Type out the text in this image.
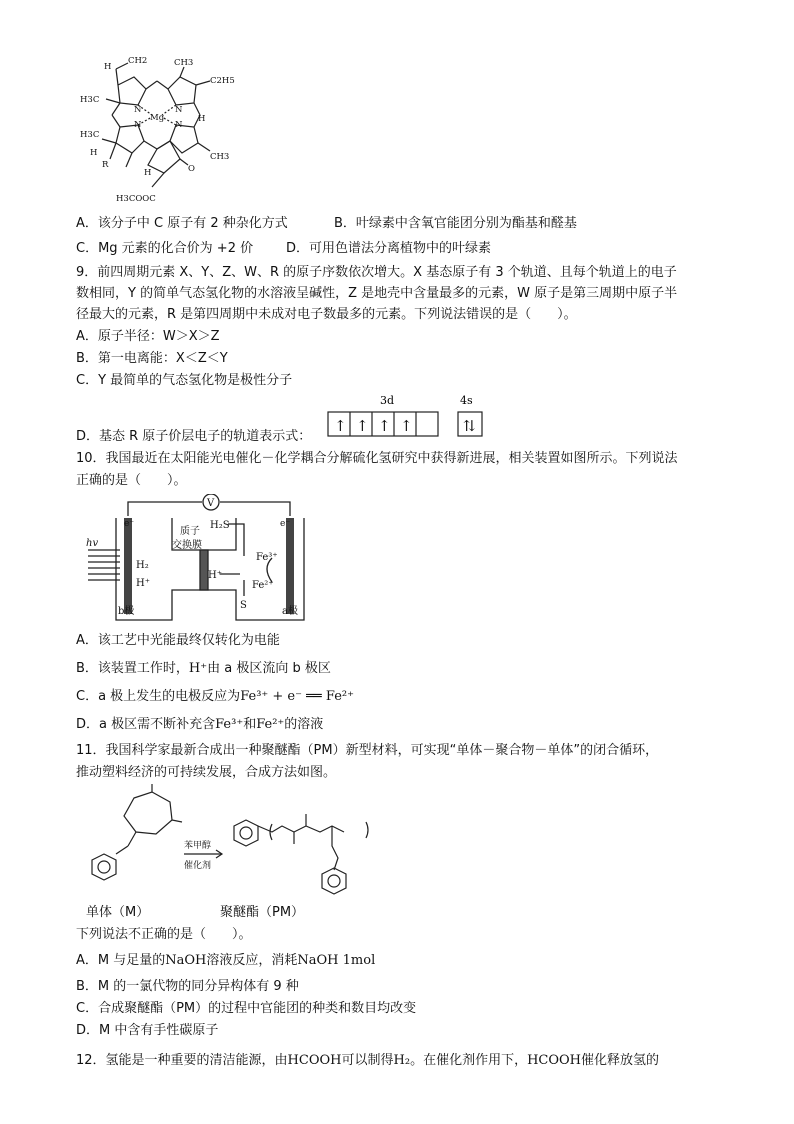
CH2
H	CH3
H3C
C2H5
N	N
Mg
N	N
H3C
H
H	CH3
R
H	O
H3COOC
A．该分子中 C 原子有 2 种杂化方式	B．叶绿素中含氧官能团分别为酯基和醛基
C．Mg 元素的化合价为 +2 价	D．可用色谱法分离植物中的叶绿素
9．前四周期元素 X、Y、Z、W、R 的原子序数依次增大。X 基态原子有 3 个轨道、且每个轨道上的电子
数相同，Y 的简单气态氢化物的水溶液呈碱性，Z 是地壳中含量最多的元素，W 原子是第三周期中原子半
径最大的元素，R 是第四周期中未成对电子数最多的元素。下列说法错误的是（　　）。
A．原子半径：W＞X＞Z
B．第一电离能：X＜Z＜Y
C．Y 最简单的气态氢化物是极性分子
D．基态 R 原子价层电子的轨道表示式：
3d	4s
↑ ↑ ↑ ↑	⇅
10．我国最近在太阳能光电催化－化学耦合分解硫化氢研究中获得新进展，相关装置如图所示。下列说法
正确的是（　　）。
V
e⁻	e⁻
hv
H₂
H⁺
质子
交换膜
H₂S
H⁺
Fe³⁺
Fe²⁺
S
b极	a极
A．该工艺中光能最终仅转化为电能
B．该装置工作时，H⁺由 a 极区流向 b 极区
C．a 极上发生的电极反应为Fe³⁺ + e⁻ ══ Fe²⁺
D．a 极区需不断补充含Fe³⁺和Fe²⁺的溶液
11．我国科学家最新合成出一种聚醚酯（PM）新型材料，可实现“单体－聚合物－单体”的闭合循环，
推动塑料经济的可持续发展，合成方法如图。
苯甲醇
催化剂
单体（M）	聚醚酯（PM）
下列说法不正确的是（　　）。
A．M 与足量的NaOH溶液反应，消耗NaOH 1mol
B．M 的一氯代物的同分异构体有 9 种
C．合成聚醚酯（PM）的过程中官能团的种类和数目均改变
D．M 中含有手性碳原子
12．氢能是一种重要的清洁能源，由HCOOH可以制得H₂。在催化剂作用下，HCOOH催化释放氢的
